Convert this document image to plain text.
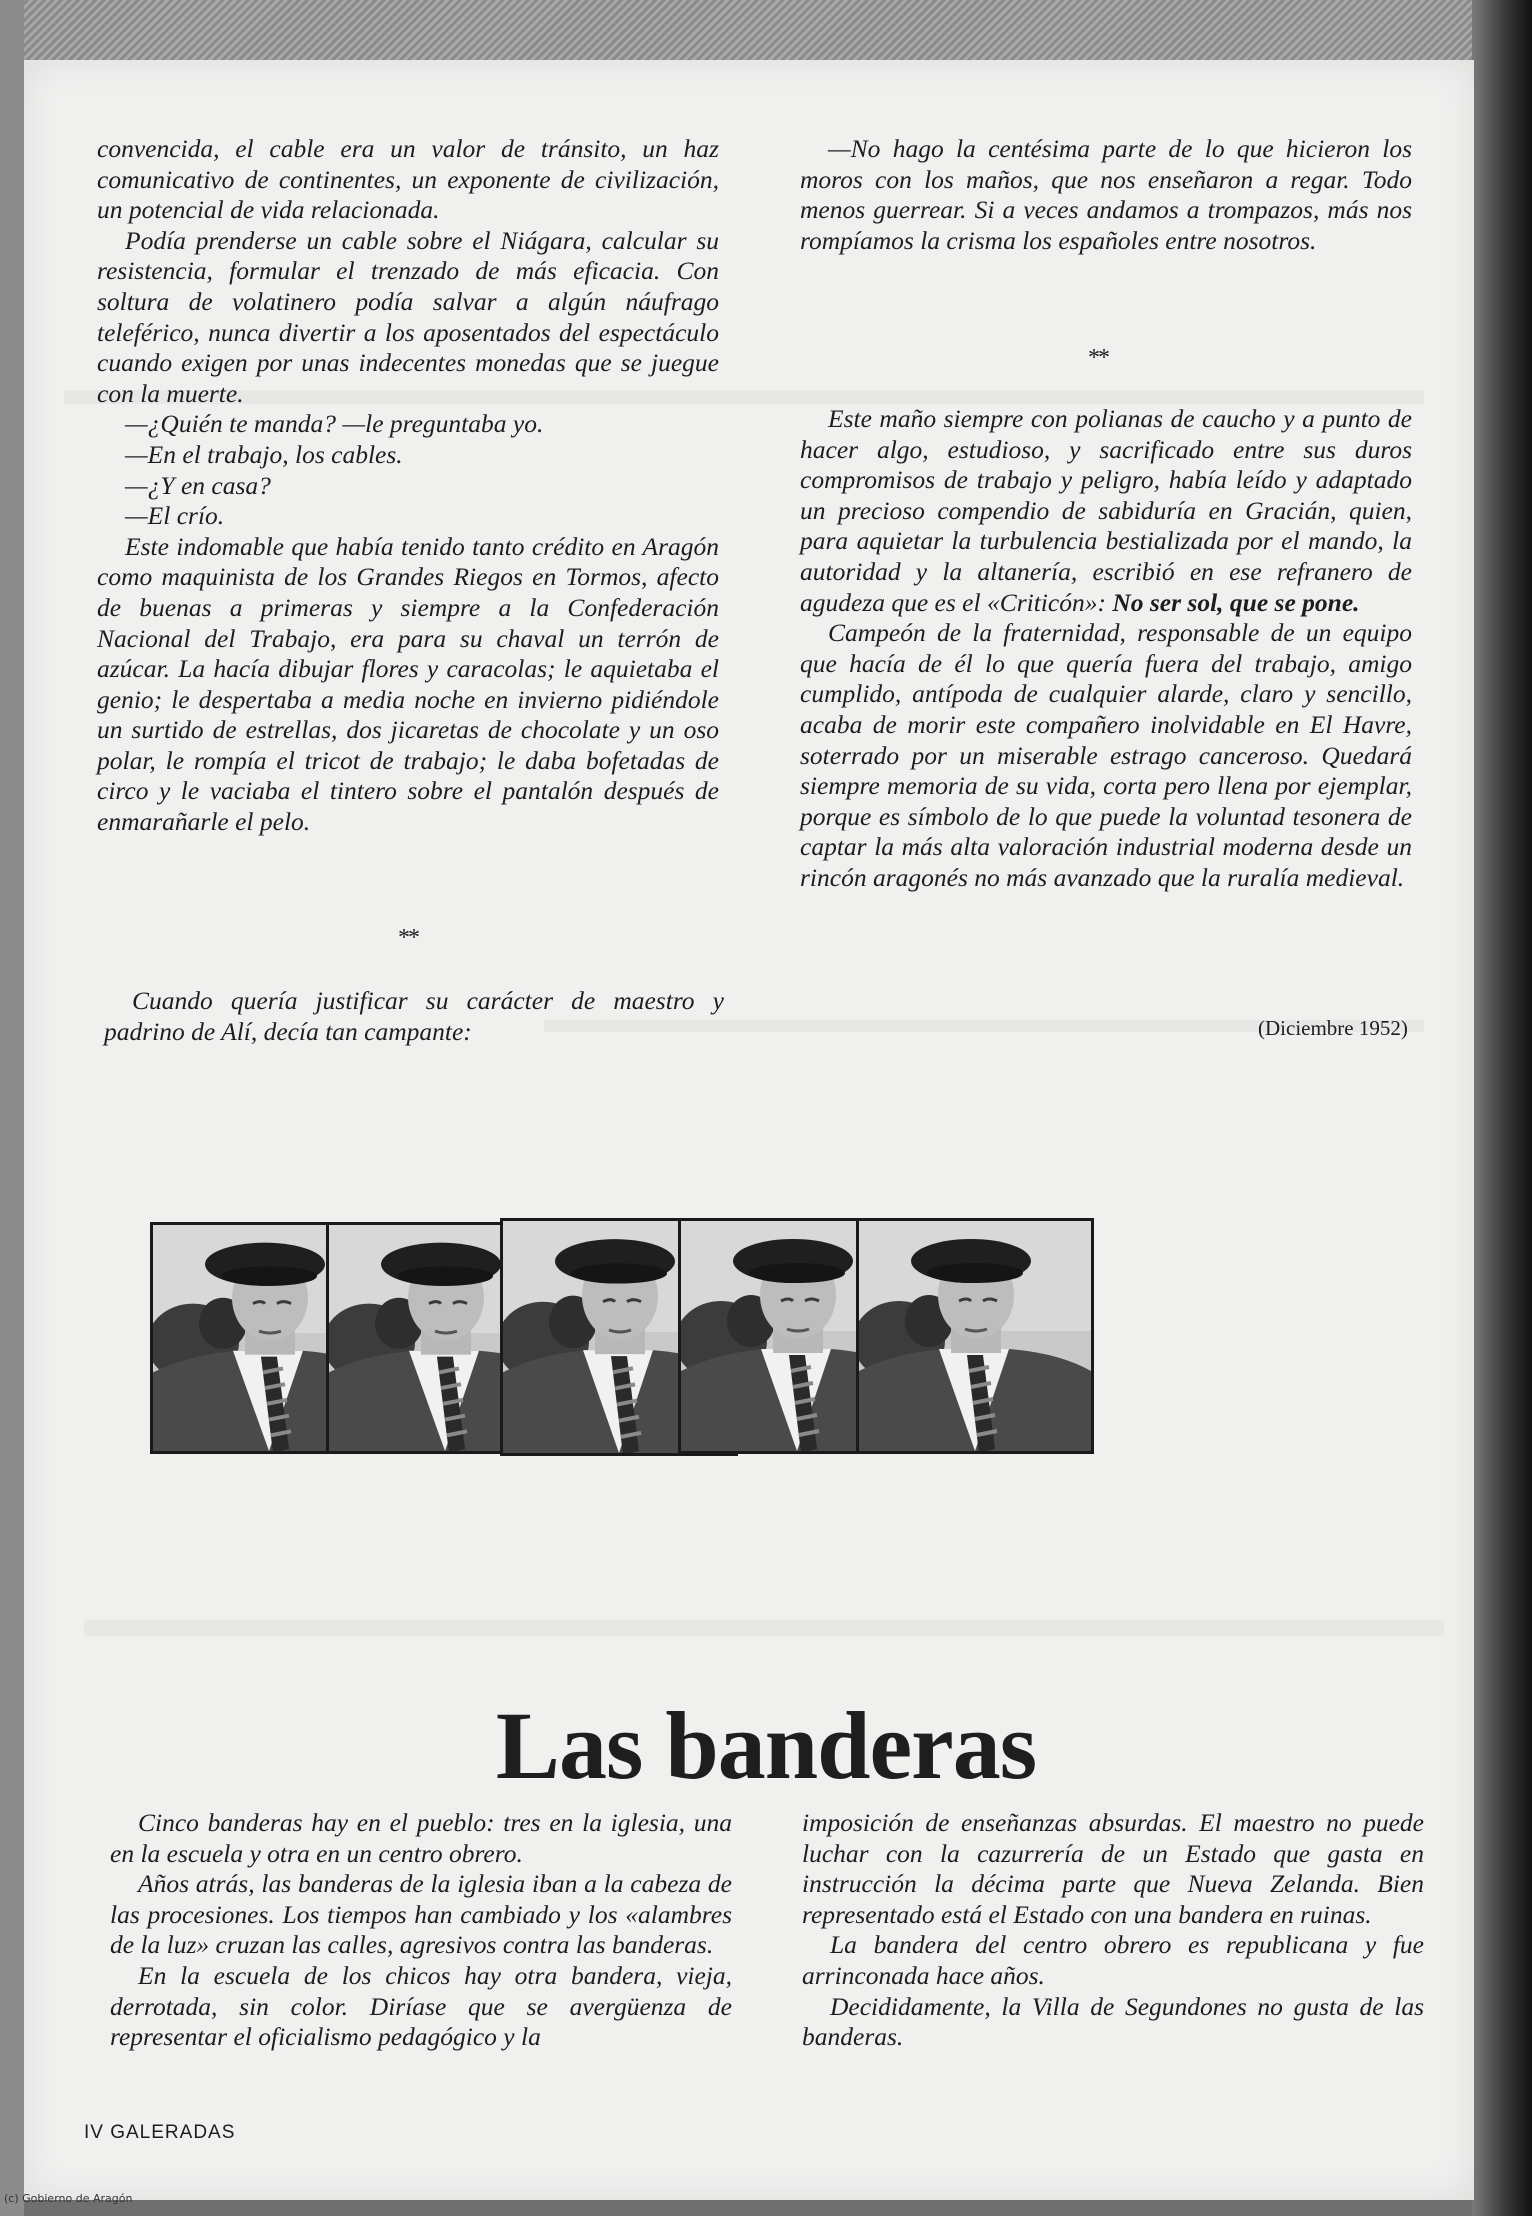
convencida, el cable era un valor de tránsito, un haz comunicativo de continentes, un exponente de civilización, un potencial de vida relacionada.

Podía prenderse un cable sobre el Niágara, calcular su resistencia, formular el trenzado de más eficacia. Con soltura de volatinero podía salvar a algún náufrago teleférico, nunca divertir a los aposentados del espectáculo cuando exigen por unas indecentes monedas que se juegue con la muerte.

—¿Quién te manda? —le preguntaba yo.

—En el trabajo, los cables.

—¿Y en casa?

—El crío.

Este indomable que había tenido tanto crédito en Aragón como maquinista de los Grandes Riegos en Tormos, afecto de buenas a primeras y siempre a la Confederación Nacional del Trabajo, era para su chaval un terrón de azúcar. La hacía dibujar flores y caracolas; le aquietaba el genio; le despertaba a media noche en invierno pidiéndole un surtido de estrellas, dos jicaretas de chocolate y un oso polar, le rompía el tricot de trabajo; le daba bofetadas de circo y le vaciaba el tintero sobre el pantalón después de enmarañarle el pelo.

**

Cuando quería justificar su carácter de maestro y padrino de Alí, decía tan campante:

—No hago la centésima parte de lo que hicieron los moros con los maños, que nos enseñaron a regar. Todo menos guerrear. Si a veces andamos a trompazos, más nos rompíamos la crisma los españoles entre nosotros.

**

Este maño siempre con polianas de caucho y a punto de hacer algo, estudioso, y sacrificado entre sus duros compromisos de trabajo y peligro, había leído y adaptado un precioso compendio de sabiduría en Gracián, quien, para aquietar la turbulencia bestializada por el mando, la autoridad y la altanería, escribió en ese refranero de agudeza que es el «Criticón»: No ser sol, que se pone.

Campeón de la fraternidad, responsable de un equipo que hacía de él lo que quería fuera del trabajo, amigo cumplido, antípoda de cualquier alarde, claro y sencillo, acaba de morir este compañero inolvidable en El Havre, soterrado por un miserable estrago canceroso. Quedará siempre memoria de su vida, corta pero llena por ejemplar, porque es símbolo de lo que puede la voluntad tesonera de captar la más alta valoración industrial moderna desde un rincón aragonés no más avanzado que la ruralía medieval.

(Diciembre 1952)
Las banderas

Cinco banderas hay en el pueblo: tres en la iglesia, una en la escuela y otra en un centro obrero.

Años atrás, las banderas de la iglesia iban a la cabeza de las procesiones. Los tiempos han cambiado y los «alambres de la luz» cruzan las calles, agresivos contra las banderas.

En la escuela de los chicos hay otra bandera, vieja, derrotada, sin color. Diríase que se avergüenza de representar el oficialismo pedagógico y la

imposición de enseñanzas absurdas. El maestro no puede luchar con la cazurrería de un Estado que gasta en instrucción la décima parte que Nueva Zelanda. Bien representado está el Estado con una bandera en ruinas.

La bandera del centro obrero es republicana y fue arrinconada hace años.

Decididamente, la Villa de Segundones no gusta de las banderas.

IV GALERADAS
(c) Gobierno de Aragón
